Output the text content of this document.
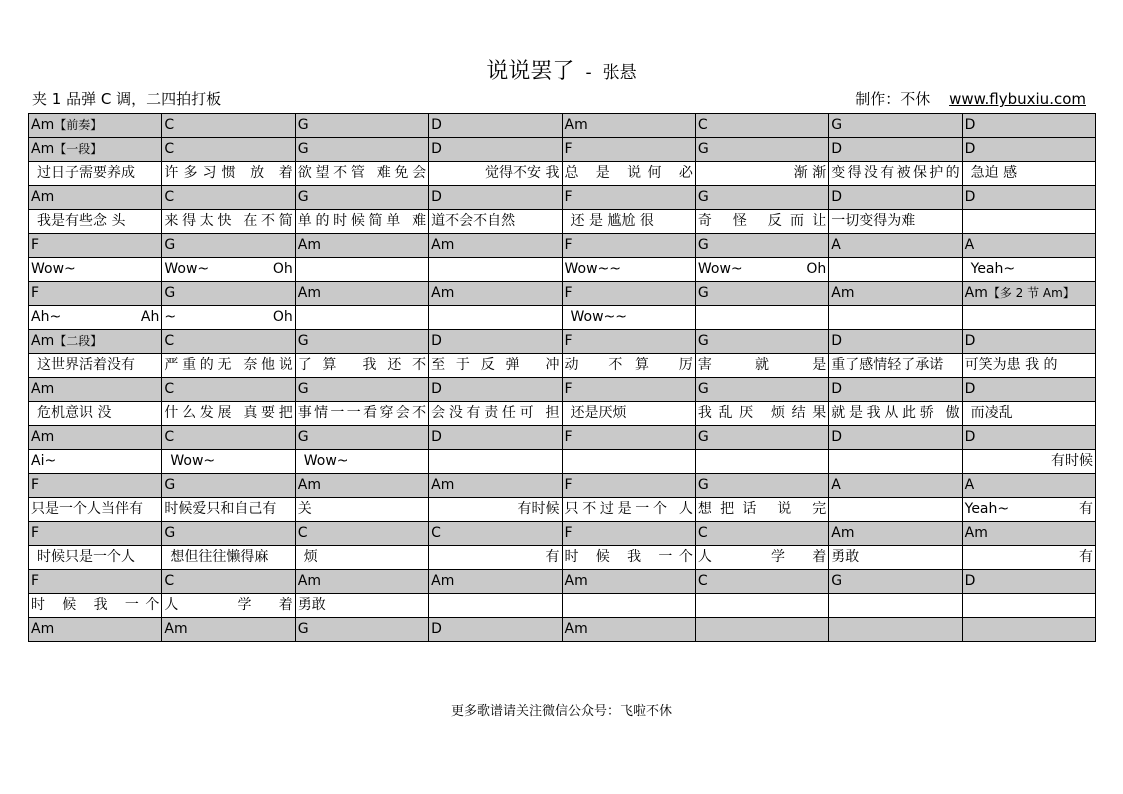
说说罢了 - 张悬
夹 1 品弹 C 调，二四拍打板	制作：不休 www.flybuxiu.com
Am【前奏】	C	G	D	Am	C	G	D
Am【一段】	C	G	D	F	G	D	D
过日子需要养成	许多习惯 放 着	欲望不管 难免会	觉得不安 我	总 是 说何 必	渐 渐	变得没有被保护的	急迫 感
Am	C	G	D	F	G	D	D
我是有些念 头	来得太快 在不简	单的时候简单 难	道不会不自然	还 是 尴尬 很	奇 怪 反而让	一切变得为难	
F	G	Am	Am	F	G	A	A
Wow~	Wow~ Oh			Wow~~	Wow~ Oh		Yeah~
F	G	Am	Am	F	G	Am	Am【多 2 节 Am】
Ah~ Ah	~ Oh			Wow~~			
Am【二段】	C	G	D	F	G	D	D
这世界活着没有	严重的无 奈他说	了算 我还不	至于反弹 冲	动 不算 厉	害 就 是	重了感情轻了承诺	可笑为患 我 的
Am	C	G	D	F	G	D	D
危机意识 没	什么发展 真要把	事情一一看穿会不	会没有责任可 担	还是厌烦	我乱厌 烦结果	就是我从此骄 傲	而凌乱
Am	C	G	D	F	G	D	D
Ai~	Wow~	Wow~					有时候
F	G	Am	Am	F	G	A	A
只是一个人当伴有	时候爱只和自己有	关	有时候	只不过是一个 人	想把话 说 完		Yeah~ 有
F	G	C	C	F	C	Am	Am
时候只是一个人	想但往往懒得麻	烦	有	时 候 我 一个	人 学着	勇敢	有
F	C	Am	Am	Am	C	G	D
时 候 我 一个	人 学着	勇敢					
Am	Am	G	D	Am			
更多歌谱请关注微信公众号：飞啦不休
